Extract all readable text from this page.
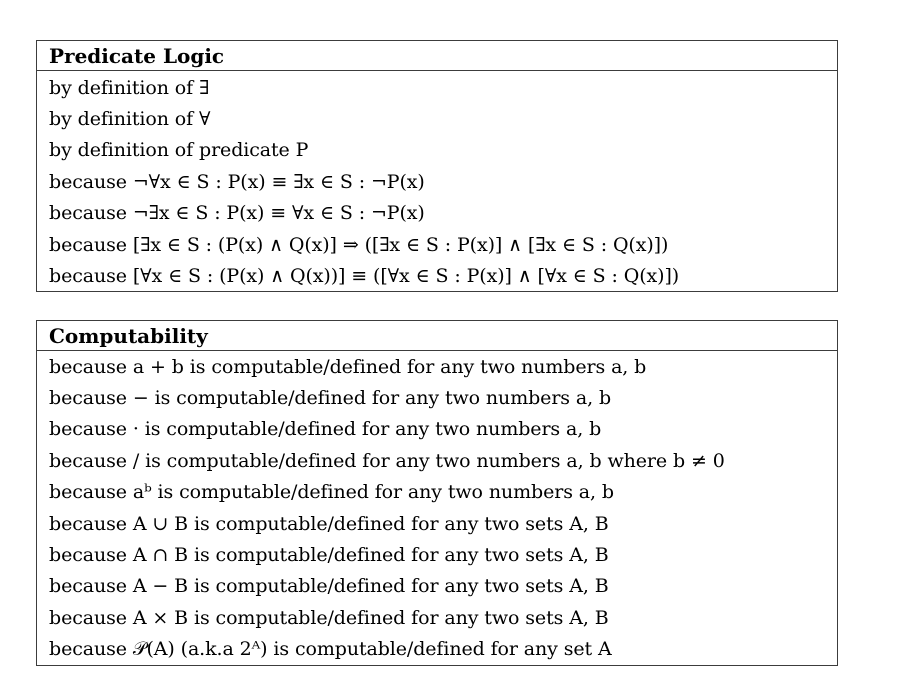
Predicate Logic
by definition of ∃
by definition of ∀
by definition of predicate P
because ¬∀x ∈ S : P(x) ≡ ∃x ∈ S : ¬P(x)
because ¬∃x ∈ S : P(x) ≡ ∀x ∈ S : ¬P(x)
because [∃x ∈ S : (P(x) ∧ Q(x)] ⇒ ([∃x ∈ S : P(x)] ∧ [∃x ∈ S : Q(x)])
because [∀x ∈ S : (P(x) ∧ Q(x))] ≡ ([∀x ∈ S : P(x)] ∧ [∀x ∈ S : Q(x)])
Computability
because a + b is computable/defined for any two numbers a, b
because − is computable/defined for any two numbers a, b
because · is computable/defined for any two numbers a, b
because / is computable/defined for any two numbers a, b where b ≠ 0
because aᵇ is computable/defined for any two numbers a, b
because A ∪ B is computable/defined for any two sets A, B
because A ∩ B is computable/defined for any two sets A, B
because A − B is computable/defined for any two sets A, B
because A × B is computable/defined for any two sets A, B
because 𝒫(A) (a.k.a 2ᴬ) is computable/defined for any set A
